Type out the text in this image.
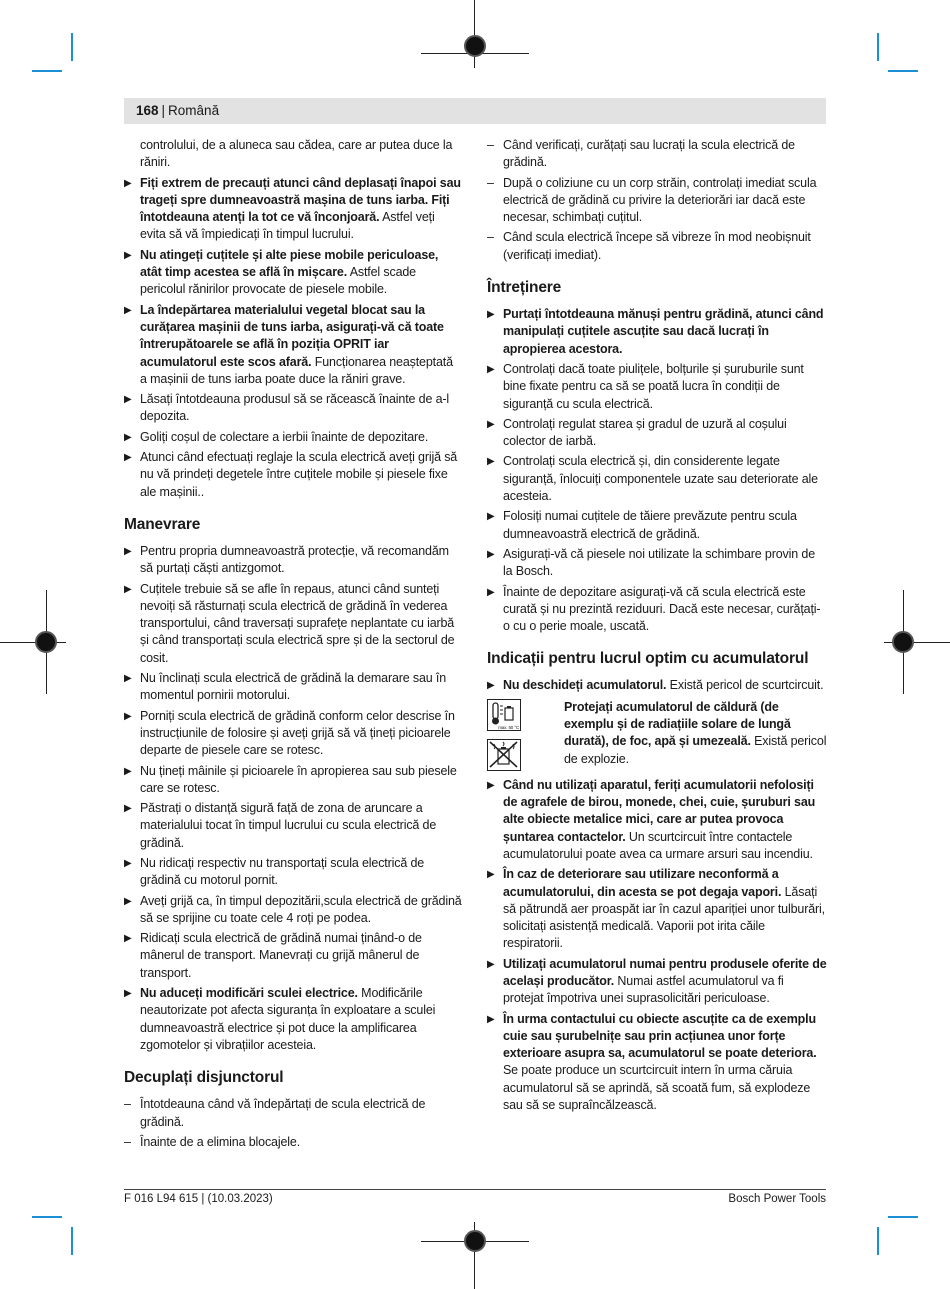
168 | Română
controlului, de a aluneca sau cădea, care ar putea duce la răniri.
▶ Fiți extrem de precauți atunci când deplasați înapoi sau trageți spre dumneavoastră mașina de tuns iarba. Fiți întotdeauna atenți la tot ce vă înconjoară. Astfel veți evita să vă împiedicați în timpul lucrului.
▶ Nu atingeți cuțitele și alte piese mobile periculoase, atât timp acestea se află în mișcare. Astfel scade pericolul rănirilor provocate de piesele mobile.
▶ La îndepărtarea materialului vegetal blocat sau la curățarea mașinii de tuns iarba, asigurați-vă că toate întrerupătoarele se află în poziția OPRIT iar acumulatorul este scos afară. Funcționarea neașteptată a mașinii de tuns iarba poate duce la răniri grave.
▶ Lăsați întotdeauna produsul să se răcească înainte de a-l depozita.
▶ Goliți coșul de colectare a ierbii înainte de depozitare.
▶ Atunci când efectuați reglaje la scula electrică aveți grijă să nu vă prindeți degetele între cuțitele mobile și piesele fixe ale mașinii..
Manevrare
▶ Pentru propria dumneavoastră protecție, vă recomandăm să purtați căști antizgomot.
▶ Cuțitele trebuie să se afle în repaus, atunci când sunteți nevoiți să răsturnați scula electrică de grădină în vederea transportului, când traversați suprafețe neplantate cu iarbă și când transportați scula electrică spre și de la sectorul de cosit.
▶ Nu înclinați scula electrică de grădină la demarare sau în momentul pornirii motorului.
▶ Porniți scula electrică de grădină conform celor descrise în instrucțiunile de folosire și aveți grijă să vă țineți picioarele departe de piesele care se rotesc.
▶ Nu țineți mâinile și picioarele în apropierea sau sub piesele care se rotesc.
▶ Păstrați o distanță sigură față de zona de aruncare a materialului tocat în timpul lucrului cu scula electrică de grădină.
▶ Nu ridicați respectiv nu transportați scula electrică de grădină cu motorul pornit.
▶ Aveți grijă ca, în timpul depozitării,scula electrică de grădină să se sprijine cu toate cele 4 roți pe podea.
▶ Ridicați scula electrică de grădină numai ținând-o de mânerul de transport. Manevrați cu grijă mânerul de transport.
▶ Nu aduceți modificări sculei electrice. Modificările neautorizate pot afecta siguranța în exploatare a sculei dumneavoastră electrice și pot duce la amplificarea zgomotelor și vibrațiilor acesteia.
Decuplați disjunctorul
– Întotdeauna când vă îndepărtați de scula electrică de grădină.
– Înainte de a elimina blocajele.
– Când verificați, curățați sau lucrați la scula electrică de grădină.
– După o coliziune cu un corp străin, controlați imediat scula electrică de grădină cu privire la deteriorări iar dacă este necesar, schimbați cuțitul.
– Când scula electrică începe să vibreze în mod neobișnuit (verificați imediat).
Întreținere
▶ Purtați întotdeauna mănuși pentru grădină, atunci când manipulați cuțitele ascuțite sau dacă lucrați în apropierea acestora.
▶ Controlați dacă toate piulițele, bolțurile și șuruburile sunt bine fixate pentru ca să se poată lucra în condiții de siguranță cu scula electrică.
▶ Controlați regulat starea și gradul de uzură al coșului colector de iarbă.
▶ Controlați scula electrică și, din considerente legate siguranță, înlocuiți componentele uzate sau deteriorate ale acesteia.
▶ Folosiți numai cuțitele de tăiere prevăzute pentru scula dumneavoastră electrică de grădină.
▶ Asigurați-vă că piesele noi utilizate la schimbare provin de la Bosch.
▶ Înainte de depozitare asigurați-vă că scula electrică este curată și nu prezintă reziduuri. Dacă este necesar, curățați-o cu o perie moale, uscată.
Indicații pentru lucrul optim cu acumulatorul
▶ Nu deschideți acumulatorul. Există pericol de scurtcircuit.
max. 50 °C
Protejați acumulatorul de căldură (de exemplu și de radiațiile solare de lungă durată), de foc, apă și umezeală. Există pericol de explozie.
▶ Când nu utilizați aparatul, feriți acumulatorii nefolosiți de agrafele de birou, monede, chei, cuie, șuruburi sau alte obiecte metalice mici, care ar putea provoca șuntarea contactelor. Un scurtcircuit între contactele acumulatorului poate avea ca urmare arsuri sau incendiu.
▶ În caz de deteriorare sau utilizare neconformă a acumulatorului, din acesta se pot degaja vapori. Lăsați să pătrundă aer proaspăt iar în cazul apariției unor tulburări, solicitați asistență medicală. Vaporii pot irita căile respiratorii.
▶ Utilizați acumulatorul numai pentru produsele oferite de același producător. Numai astfel acumulatorul va fi protejat împotriva unei suprasolicitări periculoase.
▶ În urma contactului cu obiecte ascuțite ca de exemplu cuie sau șurubelnițe sau prin acțiunea unor forțe exterioare asupra sa, acumulatorul se poate deteriora. Se poate produce un scurtcircuit intern în urma căruia acumulatorul să se aprindă, să scoată fum, să explodeze sau să se supraîncălzească.
F 016 L94 615 | (10.03.2023)	Bosch Power Tools
